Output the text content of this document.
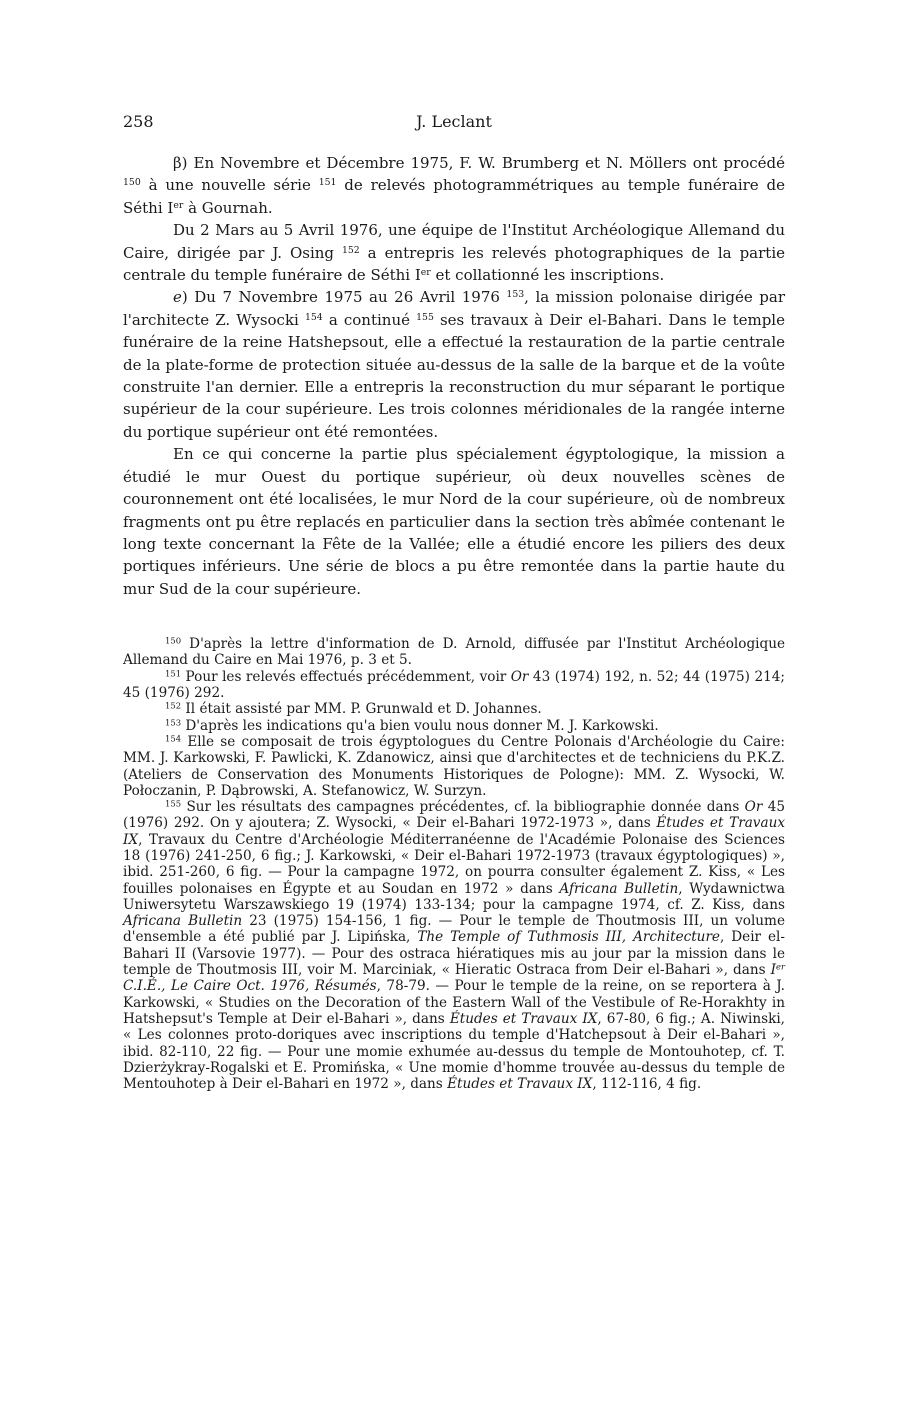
258	J. Leclant

β) En Novembre et Décembre 1975, F. W. Brumberg et N. Möllers ont procédé $^{150}$ à une nouvelle série $^{151}$ de relevés photogrammétriques au temple funéraire de Séthi Ier à Gournah.

Du 2 Mars au 5 Avril 1976, une équipe de l'Institut Archéologique Allemand du Caire, dirigée par J. Osing $^{152}$ a entrepris les relevés photographiques de la partie centrale du temple funéraire de Séthi Ier et collationné les inscriptions.

e) Du 7 Novembre 1975 au 26 Avril 1976 $^{153}$, la mission polonaise dirigée par l'architecte Z. Wysocki $^{154}$ a continué $^{155}$ ses travaux à Deir el-Bahari. Dans le temple funéraire de la reine Hatshepsout, elle a effectué la restauration de la partie centrale de la plate-forme de protection située au-dessus de la salle de la barque et de la voûte construite l'an dernier. Elle a entrepris la reconstruction du mur séparant le portique supérieur de la cour supérieure. Les trois colonnes méridionales de la rangée interne du portique supérieur ont été remontées.

En ce qui concerne la partie plus spécialement égyptologique, la mission a étudié le mur Ouest du portique supérieur, où deux nouvelles scènes de couronnement ont été localisées, le mur Nord de la cour supérieure, où de nombreux fragments ont pu être replacés en particulier dans la section très abîmée contenant le long texte concernant la Fête de la Vallée; elle a étudié encore les piliers des deux portiques inférieurs. Une série de blocs a pu être remontée dans la partie haute du mur Sud de la cour supérieure.

$^{150}$ D'après la lettre d'information de D. Arnold, diffusée par l'Institut Archéologique Allemand du Caire en Mai 1976, p. 3 et 5.

$^{151}$ Pour les relevés effectués précédemment, voir Or 43 (1974) 192, n. 52; 44 (1975) 214; 45 (1976) 292.

$^{152}$ Il était assisté par MM. P. Grunwald et D. Johannes.

$^{153}$ D'après les indications qu'a bien voulu nous donner M. J. Karkowski.

$^{154}$ Elle se composait de trois égyptologues du Centre Polonais d'Archéologie du Caire: MM. J. Karkowski, F. Pawlicki, K. Zdanowicz, ainsi que d'architectes et de techniciens du P.K.Z. (Ateliers de Conservation des Monuments Historiques de Pologne): MM. Z. Wysocki, W. Połoczanin, P. Dąbrowski, A. Stefanowicz, W. Surzyn.

$^{155}$ Sur les résultats des campagnes précédentes, cf. la bibliographie donnée dans Or 45 (1976) 292. On y ajoutera; Z. Wysocki, « Deir el-Bahari 1972-1973 », dans Études et Travaux IX, Travaux du Centre d'Archéologie Méditerranéenne de l'Académie Polonaise des Sciences 18 (1976) 241-250, 6 fig.; J. Karkowski, « Deir el-Bahari 1972-1973 (travaux égyptologiques) », ibid. 251-260, 6 fig. — Pour la campagne 1972, on pourra consulter également Z. Kiss, « Les fouilles polonaises en Égypte et au Soudan en 1972 » dans Africana Bulletin, Wydawnictwa Uniwersytetu Warszawskiego 19 (1974) 133-134; pour la campagne 1974, cf. Z. Kiss, dans Africana Bulletin 23 (1975) 154-156, 1 fig. — Pour le temple de Thoutmosis III, un volume d'ensemble a été publié par J. Lipińska, The Temple of Tuthmosis III, Architecture, Deir el-Bahari II (Varsovie 1977). — Pour des ostraca hiératiques mis au jour par la mission dans le temple de Thoutmosis III, voir M. Marciniak, « Hieratic Ostraca from Deir el-Bahari », dans Ier C.I.É., Le Caire Oct. 1976, Résumés, 78-79. — Pour le temple de la reine, on se reportera à J. Karkowski, « Studies on the Decoration of the Eastern Wall of the Vestibule of Re-Horakhty in Hatshepsut's Temple at Deir el-Bahari », dans Études et Travaux IX, 67-80, 6 fig.; A. Niwinski, « Les colonnes proto-doriques avec inscriptions du temple d'Hatchepsout à Deir el-Bahari », ibid. 82-110, 22 fig. — Pour une momie exhumée au-dessus du temple de Montouhotep, cf. T. Dzierżykray-Rogalski et E. Promińska, « Une momie d'homme trouvée au-dessus du temple de Mentouhotep à Deir el-Bahari en 1972 », dans Études et Travaux IX, 112-116, 4 fig.
